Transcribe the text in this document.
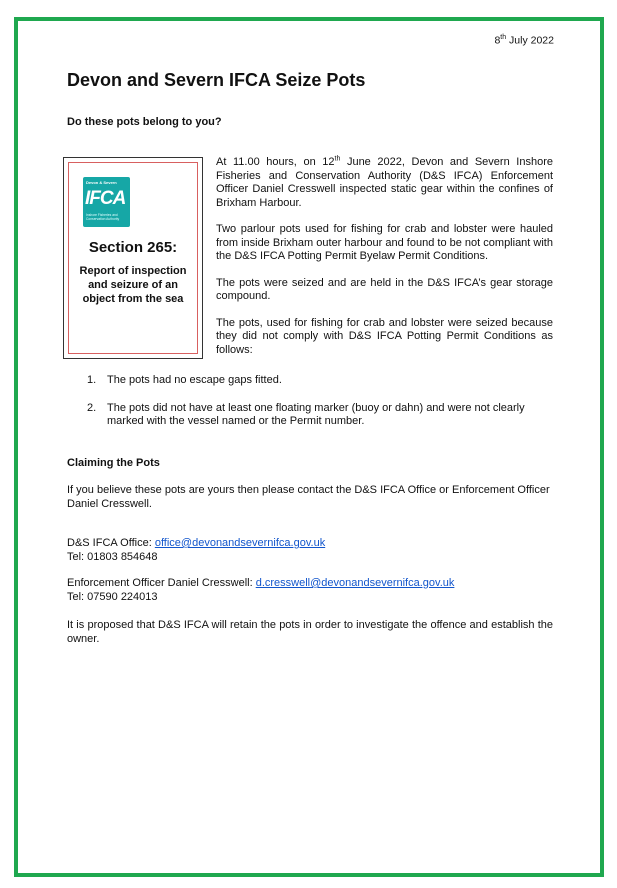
8th July 2022
Devon and Severn IFCA Seize Pots

Do these pots belong to you?

Devon & Severn
IFCA
Inshore Fisheries and Conservation Authority
Section 265:
Report of inspection and seizure of an object from the sea

At 11.00 hours, on 12th June 2022, Devon and Severn Inshore Fisheries and Conservation Authority (D&S IFCA) Enforcement Officer Daniel Cresswell inspected static gear within the confines of Brixham Harbour.

Two parlour pots used for fishing for crab and lobster were hauled from inside Brixham outer harbour and found to be not compliant with the D&S IFCA Potting Permit Byelaw Permit Conditions.

The pots were seized and are held in the D&S IFCA’s gear storage compound.

The pots, used for fishing for crab and lobster were seized because they did not comply with D&S IFCA Potting Permit Conditions as follows:

1. The pots had no escape gaps fitted.
2. The pots did not have at least one floating marker (buoy or dahn) and were not clearly marked with the vessel named or the Permit number.

Claiming the Pots

If you believe these pots are yours then please contact the D&S IFCA Office or Enforcement Officer Daniel Cresswell.

D&S IFCA Office: office@devonandsevernifca.gov.uk
Tel: 01803 854648
Enforcement Officer Daniel Cresswell: d.cresswell@devonandsevernifca.gov.uk
Tel: 07590 224013

It is proposed that D&S IFCA will retain the pots in order to investigate the offence and establish the owner.
